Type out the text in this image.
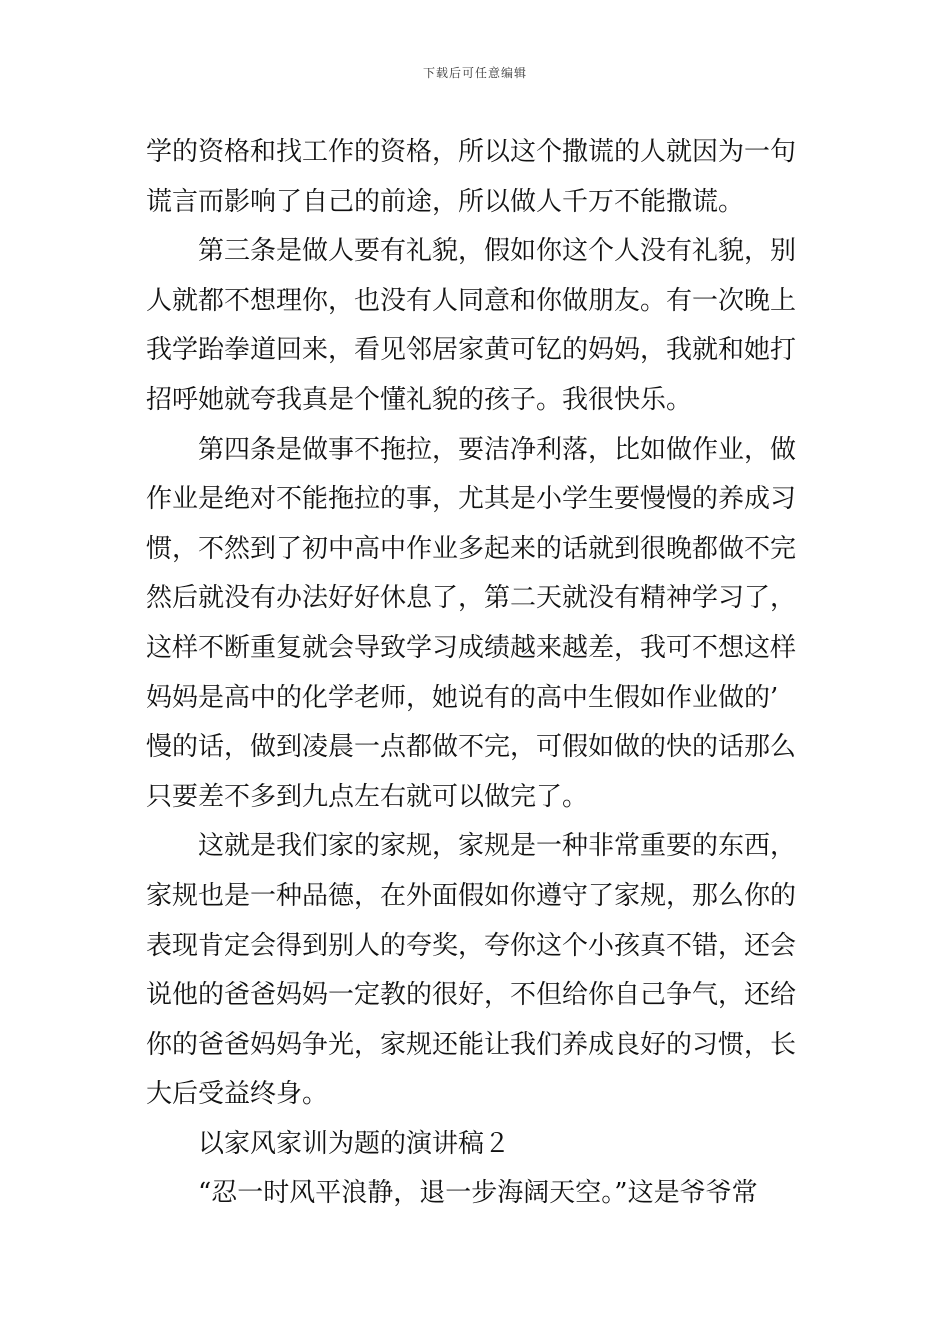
下载后可任意编辑
学的资格和找工作的资格，所以这个撒谎的人就因为一句
谎言而影响了自己的前途，所以做人千万不能撒谎。
第三条是做人要有礼貌，假如你这个人没有礼貌，别
人就都不想理你，也没有人同意和你做朋友。有一次晚上
我学跆拳道回来，看见邻居家黄可钇的妈妈，我就和她打
招呼她就夸我真是个懂礼貌的孩子。我很快乐。
第四条是做事不拖拉，要洁净利落，比如做作业，做
作业是绝对不能拖拉的事，尤其是小学生要慢慢的养成习
惯，不然到了初中高中作业多起来的话就到很晚都做不完
然后就没有办法好好休息了，第二天就没有精神学习了，
这样不断重复就会导致学习成绩越来越差，我可不想这样
妈妈是高中的化学老师，她说有的高中生假如作业做的’
慢的话，做到凌晨一点都做不完，可假如做的快的话那么
只要差不多到九点左右就可以做完了。
这就是我们家的家规，家规是一种非常重要的东西，
家规也是一种品德，在外面假如你遵守了家规，那么你的
表现肯定会得到别人的夸奖，夸你这个小孩真不错，还会
说他的爸爸妈妈一定教的很好，不但给你自己争气，还给
你的爸爸妈妈争光，家规还能让我们养成良好的习惯，长
大后受益终身。
以家风家训为题的演讲稿２
“忍一时风平浪静，退一步海阔天空。”这是爷爷常
